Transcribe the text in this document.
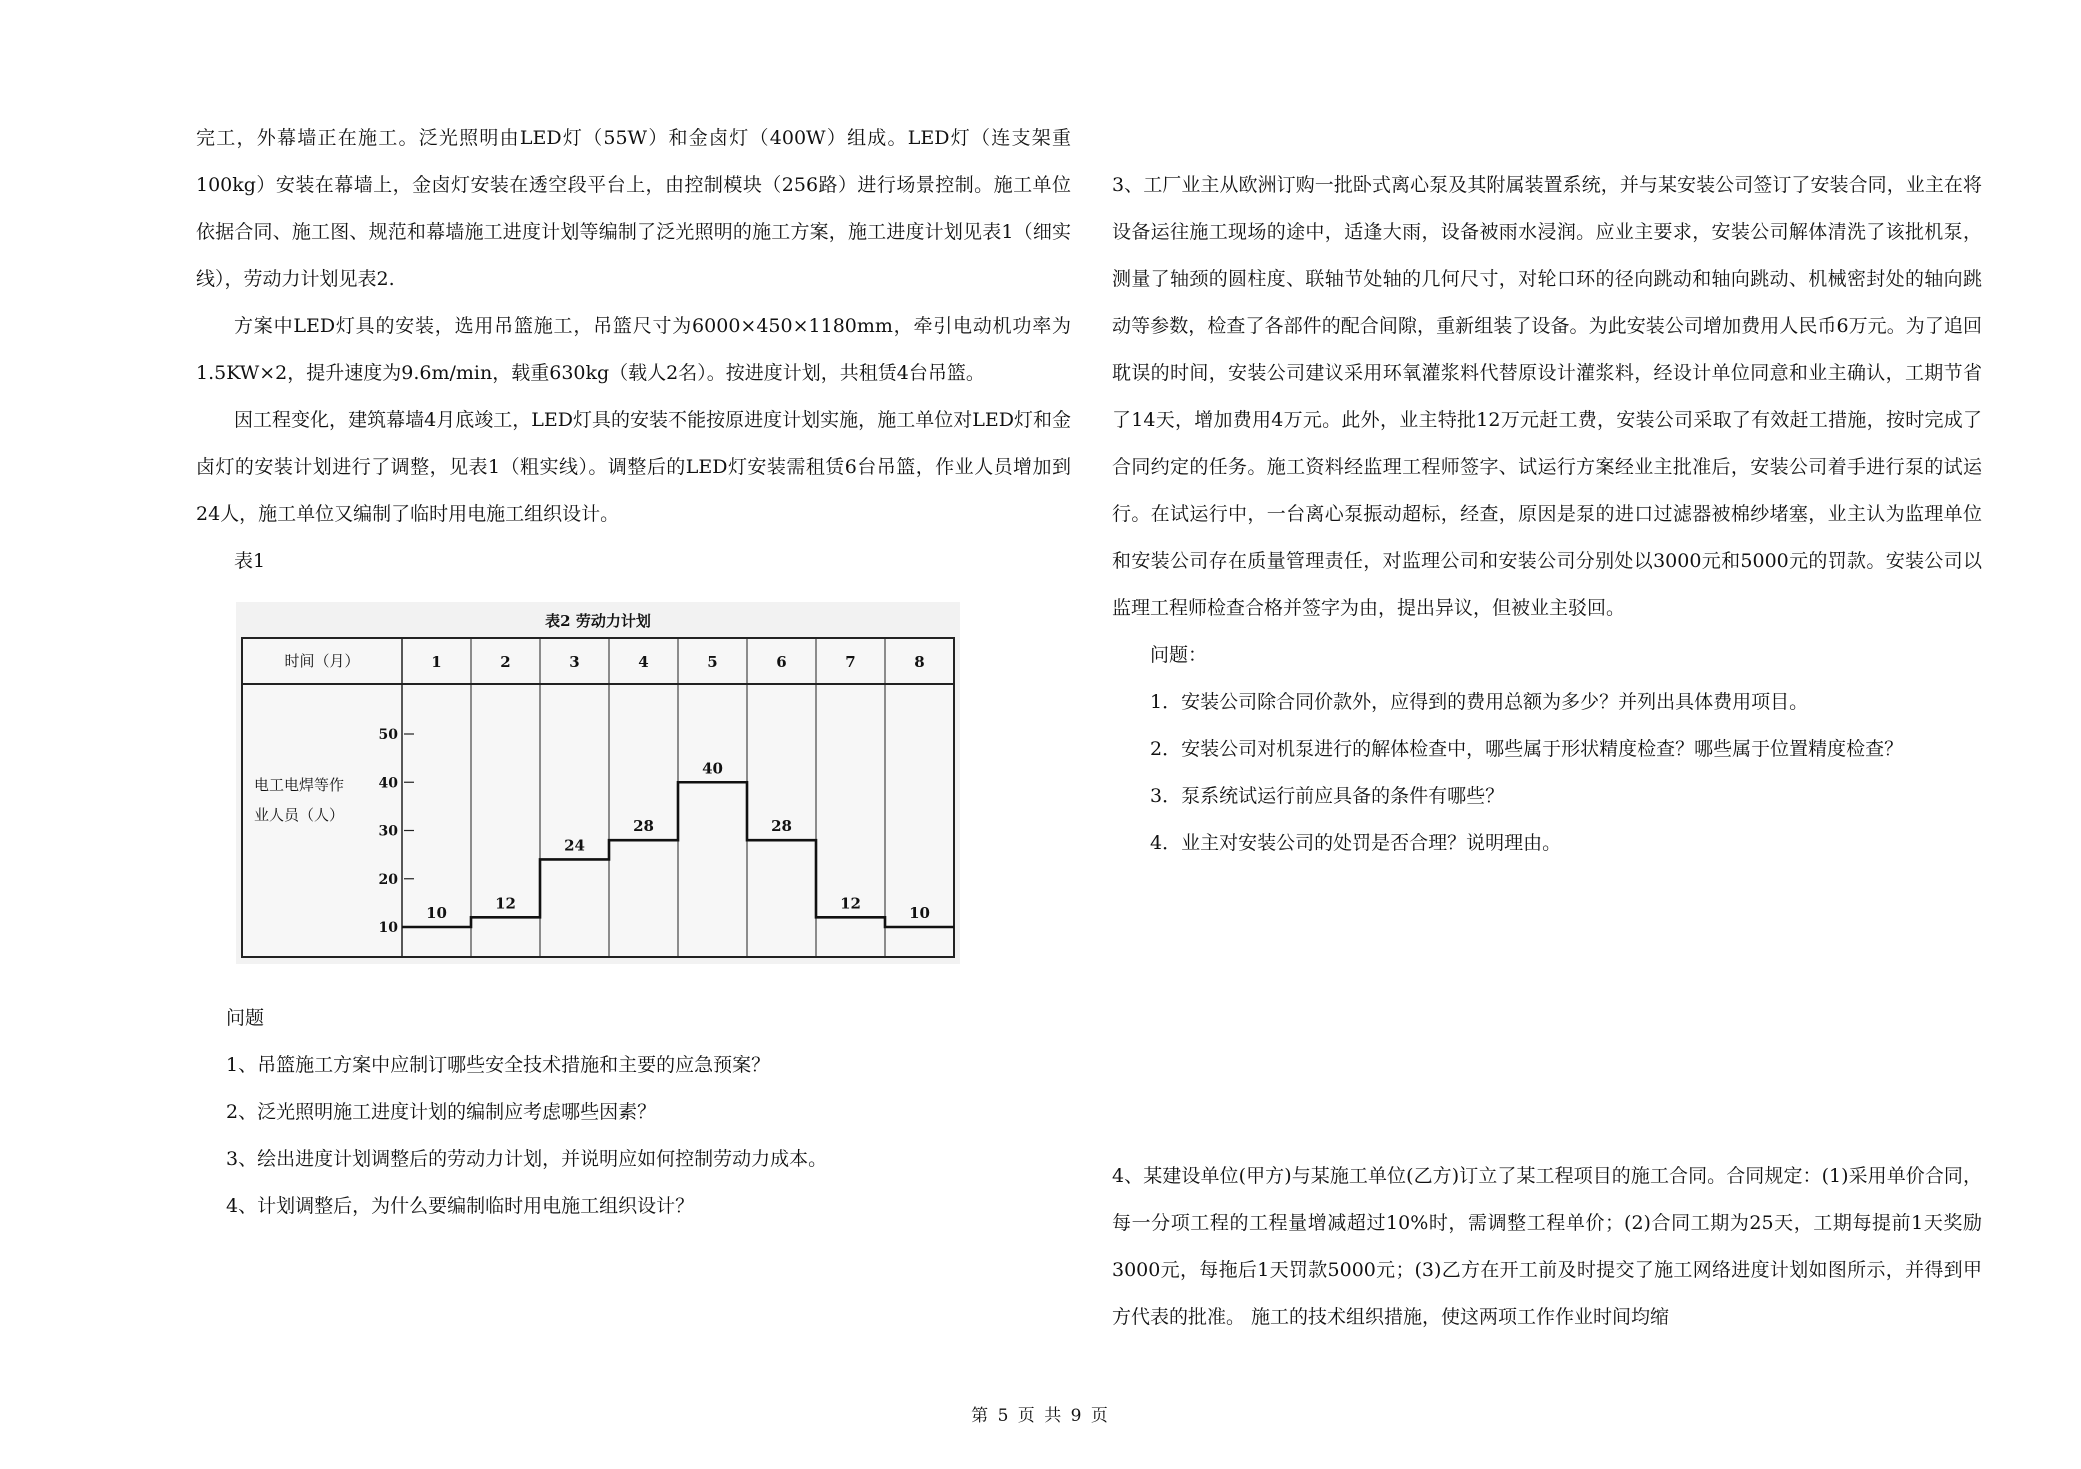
完工，外幕墙正在施工。泛光照明由LED灯（55W）和金卤灯（400W）组成。LED灯（连支架重100kg）安装在幕墙上，金卤灯安装在透空段平台上，由控制模块（256路）进行场景控制。施工单位依据合同、施工图、规范和幕墙施工进度计划等编制了泛光照明的施工方案，施工进度计划见表1（细实线），劳动力计划见表2.

方案中LED灯具的安装，选用吊篮施工，吊篮尺寸为6000×450×1180mm，牵引电动机功率为1.5KW×2，提升速度为9.6m/min，载重630kg（载人2名）。按进度计划，共租赁4台吊篮。

因工程变化，建筑幕墙4月底竣工，LED灯具的安装不能按原进度计划实施，施工单位对LED灯和金卤灯的安装计划进行了调整，见表1（粗实线）。调整后的LED灯安装需租赁6台吊篮，作业人员增加到24人，施工单位又编制了临时用电施工组织设计。

表1

表2 劳动力计划
时间（月）	1	2	3	4	5	6	7	8
10
20
30
40
50
电工电焊等作
业人员（人）
10
12
24
28
40
28
12
10

问题

1、吊篮施工方案中应制订哪些安全技术措施和主要的应急预案？

2、泛光照明施工进度计划的编制应考虑哪些因素？

3、绘出进度计划调整后的劳动力计划，并说明应如何控制劳动力成本。

4、计划调整后，为什么要编制临时用电施工组织设计？

3、工厂业主从欧洲订购一批卧式离心泵及其附属装置系统，并与某安装公司签订了安装合同，业主在将设备运往施工现场的途中，适逢大雨，设备被雨水浸润。应业主要求，安装公司解体清洗了该批机泵，测量了轴颈的圆柱度、联轴节处轴的几何尺寸，对轮口环的径向跳动和轴向跳动、机械密封处的轴向跳动等参数，检查了各部件的配合间隙，重新组装了设备。为此安装公司增加费用人民币6万元。为了追回耽误的时间，安装公司建议采用环氧灌浆料代替原设计灌浆料，经设计单位同意和业主确认，工期节省了14天，增加费用4万元。此外，业主特批12万元赶工费，安装公司采取了有效赶工措施，按时完成了合同约定的任务。施工资料经监理工程师签字、试运行方案经业主批准后，安装公司着手进行泵的试运行。在试运行中，一台离心泵振动超标，经查，原因是泵的进口过滤器被棉纱堵塞，业主认为监理单位和安装公司存在质量管理责任，对监理公司和安装公司分别处以3000元和5000元的罚款。安装公司以监理工程师检查合格并签字为由，提出异议，但被业主驳回。

问题：

1．安装公司除合同价款外，应得到的费用总额为多少？并列出具体费用项目。

2．安装公司对机泵进行的解体检查中，哪些属于形状精度检查？哪些属于位置精度检查？

3．泵系统试运行前应具备的条件有哪些？

4．业主对安装公司的处罚是否合理？说明理由。

4、某建设单位(甲方)与某施工单位(乙方)订立了某工程项目的施工合同。合同规定：(1)采用单价合同，每一分项工程的工程量增减超过10%时，需调整工程单价；(2)合同工期为25天，工期每提前1天奖励3000元，每拖后1天罚款5000元；(3)乙方在开工前及时提交了施工网络进度计划如图所示，并得到甲方代表的批准。 施工的技术组织措施，使这两项工作作业时间均缩

第 5 页 共 9 页
